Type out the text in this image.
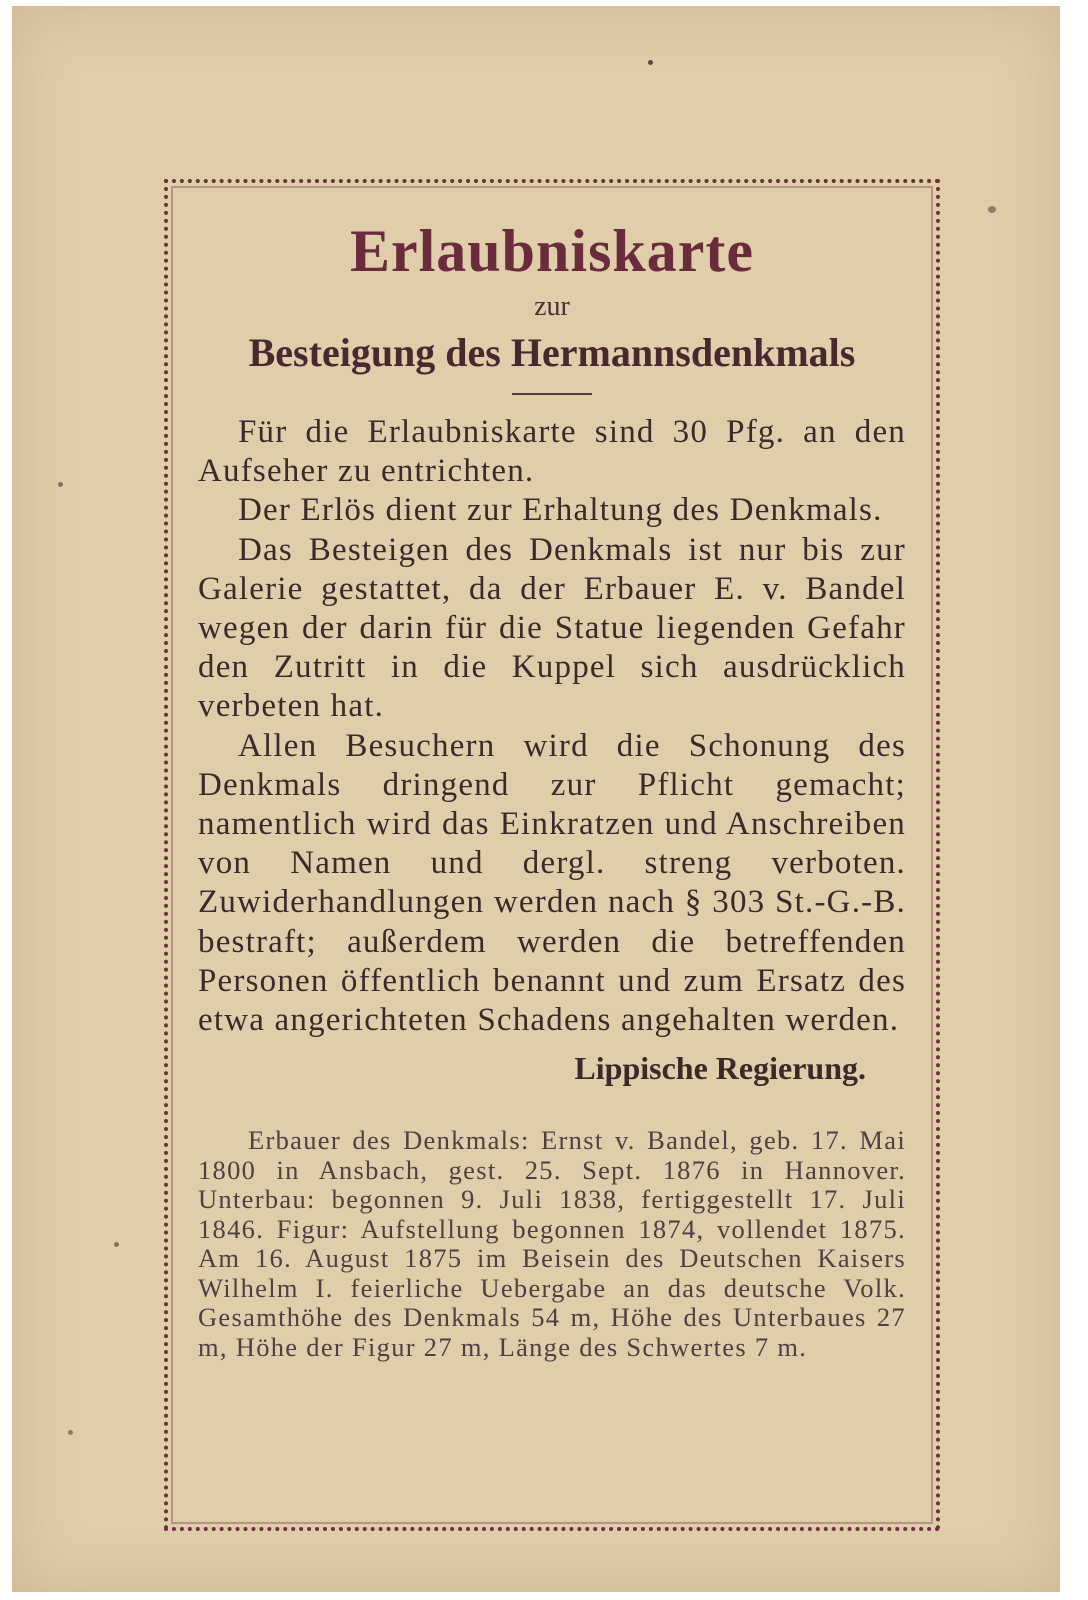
Erlaubniskarte
zur
Besteigung des Hermannsdenkmals

Für die Erlaubniskarte sind 30 Pfg. an den Aufseher zu entrichten.

Der Erlös dient zur Erhaltung des Denkmals.

Das Besteigen des Denkmals ist nur bis zur Galerie gestattet, da der Erbauer E. v. Bandel wegen der darin für die Statue liegenden Gefahr den Zutritt in die Kuppel sich ausdrücklich verbeten hat.

Allen Besuchern wird die Schonung des Denkmals dringend zur Pflicht gemacht; namentlich wird das Einkratzen und Anschreiben von Namen und dergl. streng verboten. Zuwiderhandlungen werden nach § 303 St.-G.-B. bestraft; außerdem werden die betreffenden Personen öffentlich benannt und zum Ersatz des etwa angerichteten Schadens angehalten werden.

Lippische Regierung.
Erbauer des Denkmals: Ernst v. Bandel, geb. 17. Mai 1800 in Ansbach, gest. 25. Sept. 1876 in Hannover. Unterbau: begonnen 9. Juli 1838, fertiggestellt 17. Juli 1846. Figur: Aufstellung begonnen 1874, vollendet 1875. Am 16. August 1875 im Beisein des Deutschen Kaisers Wilhelm I. feierliche Uebergabe an das deutsche Volk. Gesamthöhe des Denkmals 54 m, Höhe des Unterbaues 27 m, Höhe der Figur 27 m, Länge des Schwertes 7 m.
